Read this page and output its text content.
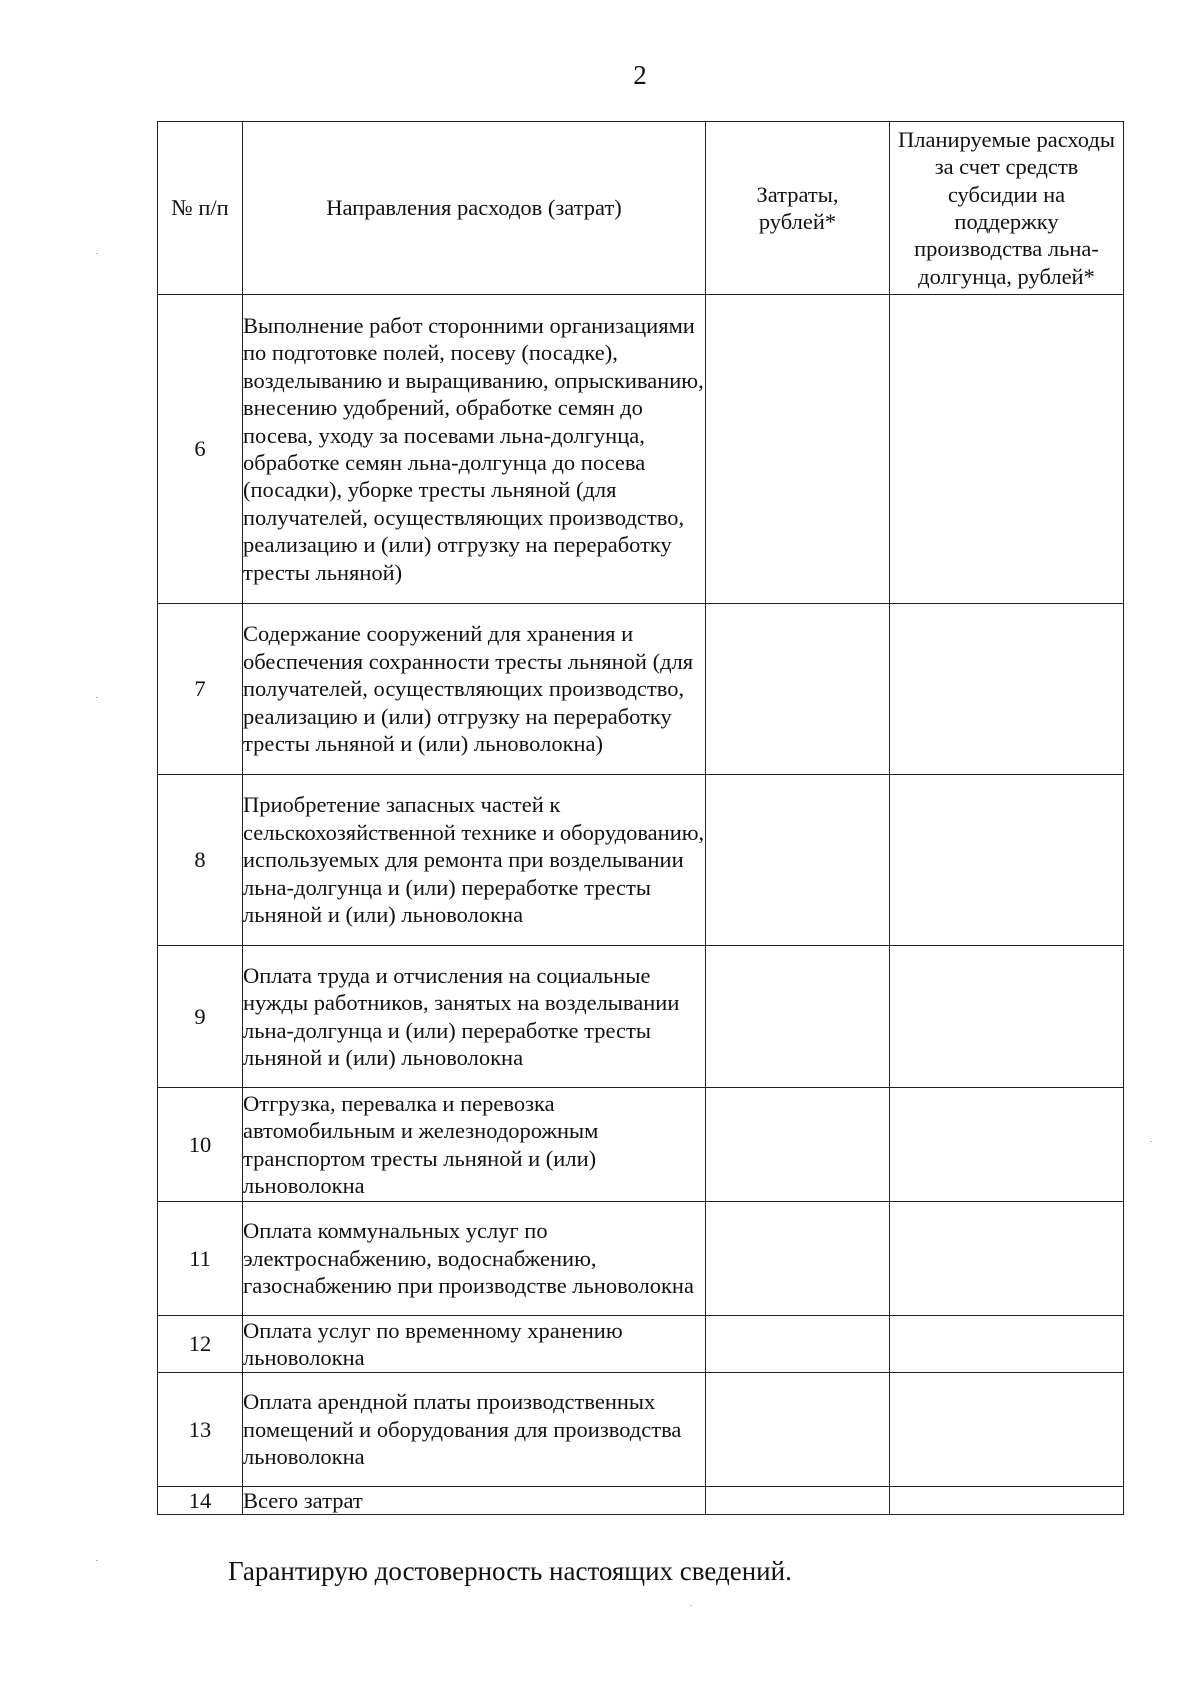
2
№ п/п	Направления расходов (затрат)	Затраты, рублей*	Планируемые расходы за счет средств субсидии на поддержку производства льна-долгунца, рублей*
6	Выполнение работ сторонними организациями по подготовке полей, посеву (посадке), возделыванию и выращиванию, опрыскиванию, внесению удобрений, обработке семян до посева, уходу за посевами льна-долгунца, обработке семян льна-долгунца до посева (посадки), уборке тресты льняной (для получателей, осуществляющих производство, реализацию и (или) отгрузку на переработку тресты льняной)		
7	Содержание сооружений для хранения и обеспечения сохранности тресты льняной (для получателей, осуществляющих производство, реализацию и (или) отгрузку на переработку тресты льняной и (или) льноволокна)		
8	Приобретение запасных частей к сельскохозяйственной технике и оборудованию, используемых для ремонта при возделывании льна-долгунца и (или) переработке тресты льняной и (или) льноволокна		
9	Оплата труда и отчисления на социальные нужды работников, занятых на возделывании льна-долгунца и (или) переработке тресты льняной и (или) льноволокна		
10	Отгрузка, перевалка и перевозка автомобильным и железнодорожным транспортом тресты льняной и (или) льноволокна		
11	Оплата коммунальных услуг по электроснабжению, водоснабжению, газоснабжению при производстве льноволокна		
12	Оплата услуг по временному хранению льноволокна		
13	Оплата арендной платы производственных помещений и оборудования для производства льноволокна		
14	Всего затрат		
Гарантирую достоверность настоящих сведений.
